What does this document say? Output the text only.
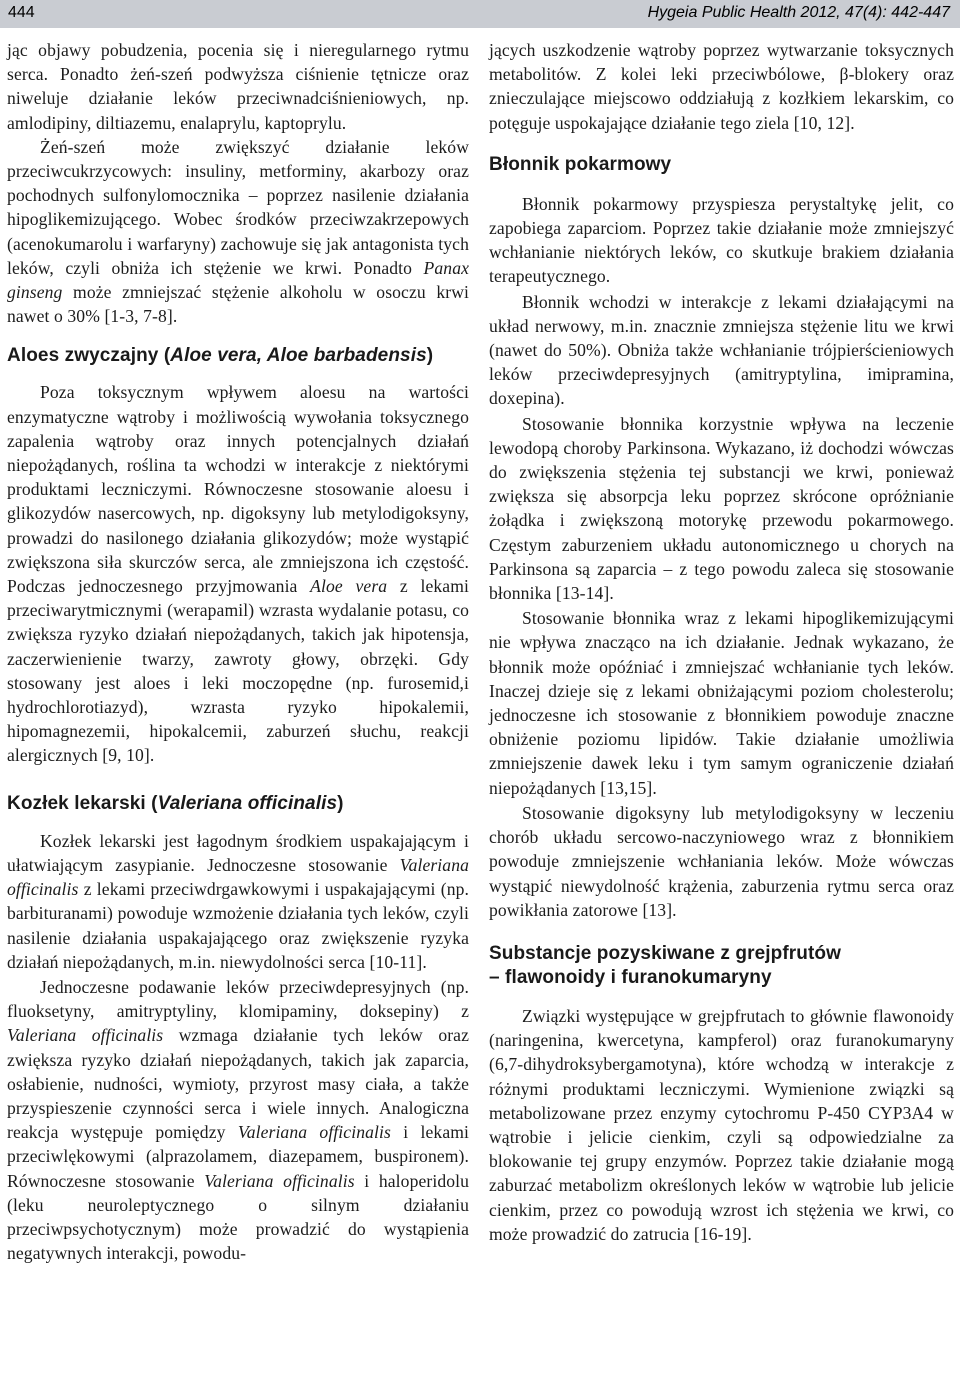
444	Hygeia Public Health 2012, 47(4): 442-447

jąc objawy pobudzenia, pocenia się i nieregularnego rytmu serca. Ponadto żeń-szeń podwyższa ciśnienie tętnicze oraz niweluje działanie leków przeciwnadciśnieniowych, np. amlodipiny, diltiazemu, enalaprylu, kaptoprylu.

Żeń-szeń może zwiększyć działanie leków przeciwcukrzycowych: insuliny, metforminy, akarbozy oraz pochodnych sulfonylomocznika – poprzez nasilenie działania hipoglikemizującego. Wobec środków przeciwzakrzepowych (acenokumarolu i warfaryny) zachowuje się jak antagonista tych leków, czyli obniża ich stężenie we krwi. Ponadto Panax ginseng może zmniejszać stężenie alkoholu w osoczu krwi nawet o 30% [1-3, 7-8].

Aloes zwyczajny (Aloe vera, Aloe barbadensis)

Poza toksycznym wpływem aloesu na wartości enzymatyczne wątroby i możliwością wywołania toksycznego zapalenia wątroby oraz innych potencjalnych działań niepożądanych, roślina ta wchodzi w interakcje z niektórymi produktami leczniczymi. Równoczesne stosowanie aloesu i glikozydów nasercowych, np. digoksyny lub metylodigoksyny, prowadzi do nasilonego działania glikozydów; może wystąpić zwiększona siła skurczów serca, ale zmniejszona ich częstość. Podczas jednoczesnego przyjmowania Aloe vera z lekami przeciwarytmicznymi (werapamil) wzrasta wydalanie potasu, co zwiększa ryzyko działań niepożądanych, takich jak hipotensja, zaczerwienienie twarzy, zawroty głowy, obrzęki. Gdy stosowany jest aloes i leki moczopędne (np. furosemid,i hydrochlorotiazyd), wzrasta ryzyko hipokalemii, hipomagnezemii, hipokalcemii, zaburzeń słuchu, reakcji alergicznych [9, 10].

Kozłek lekarski (Valeriana officinalis)

Kozłek lekarski jest łagodnym środkiem uspakajającym i ułatwiającym zasypianie. Jednoczesne stosowanie Valeriana officinalis z lekami przeciwdrgawkowymi i uspakajającymi (np. barbituranami) powoduje wzmożenie działania tych leków, czyli nasilenie działania uspakajającego oraz zwiększenie ryzyka działań niepożądanych, m.in. niewydolności serca [10-11].

Jednoczesne podawanie leków przeciwdepresyjnych (np. fluoksetyny, amitryptyliny, klomipaminy, doksepiny) z Valeriana officinalis wzmaga działanie tych leków oraz zwiększa ryzyko działań niepożądanych, takich jak zaparcia, osłabienie, nudności, wymioty, przyrost masy ciała, a także przyspieszenie czynności serca i wiele innych. Analogiczna reakcja występuje pomiędzy Valeriana officinalis i lekami przeciwlękowymi (alprazolamem, diazepamem, buspironem). Równoczesne stosowanie Valeriana officinalis i haloperidolu (leku neuroleptycznego o silnym działaniu przeciwpsychotycznym) może prowadzić do wystąpienia negatywnych interakcji, powodu-

jących uszkodzenie wątroby poprzez wytwarzanie toksycznych metabolitów. Z kolei leki przeciwbólowe, β-blokery oraz znieczulające miejscowo oddziałują z kozłkiem lekarskim, co potęguje uspokajające działanie tego ziela [10, 12].

Błonnik pokarmowy

Błonnik pokarmowy przyspiesza perystaltykę jelit, co zapobiega zaparciom. Poprzez takie działanie może zmniejszyć wchłanianie niektórych leków, co skutkuje brakiem działania terapeutycznego.

Błonnik wchodzi w interakcje z lekami działającymi na układ nerwowy, m.in. znacznie zmniejsza stężenie litu we krwi (nawet do 50%). Obniża także wchłanianie trójpierścieniowych leków przeciwdepresyjnych (amitryptylina, imipramina, doxepina).

Stosowanie błonnika korzystnie wpływa na leczenie lewodopą choroby Parkinsona. Wykazano, iż dochodzi wówczas do zwiększenia stężenia tej substancji we krwi, ponieważ zwiększa się absorpcja leku poprzez skrócone opróżnianie żołądka i zwiększoną motorykę przewodu pokarmowego. Częstym zaburzeniem układu autonomicznego u chorych na Parkinsona są zaparcia – z tego powodu zaleca się stosowanie błonnika [13-14].

Stosowanie błonnika wraz z lekami hipoglikemizującymi nie wpływa znacząco na ich działanie. Jednak wykazano, że błonnik może opóźniać i zmniejszać wchłanianie tych leków. Inaczej dzieje się z lekami obniżającymi poziom cholesterolu; jednoczesne ich stosowanie z błonnikiem powoduje znaczne obniżenie poziomu lipidów. Takie działanie umożliwia zmniejszenie dawek leku i tym samym ograniczenie działań niepożądanych [13,15].

Stosowanie digoksyny lub metylodigoksyny w leczeniu chorób układu sercowo-naczyniowego wraz z błonnikiem powoduje zmniejszenie wchłaniania leków. Może wówczas wystąpić niewydolność krążenia, zaburzenia rytmu serca oraz powikłania zatorowe [13].

Substancje pozyskiwane z grejpfrutów
– flawonoidy i furanokumaryny

Związki występujące w grejpfrutach to głównie flawonoidy (naringenina, kwercetyna, kampferol) oraz furanokumaryny (6,7-dihydroksybergamotyna), które wchodzą w interakcje z różnymi produktami leczniczymi. Wymienione związki są metabolizowane przez enzymy cytochromu P-450 CYP3A4 w wątrobie i jelicie cienkim, czyli są odpowiedzialne za blokowanie tej grupy enzymów. Poprzez takie działanie mogą zaburzać metabolizm określonych leków w wątrobie lub jelicie cienkim, przez co powodują wzrost ich stężenia we krwi, co może prowadzić do zatrucia [16-19].
